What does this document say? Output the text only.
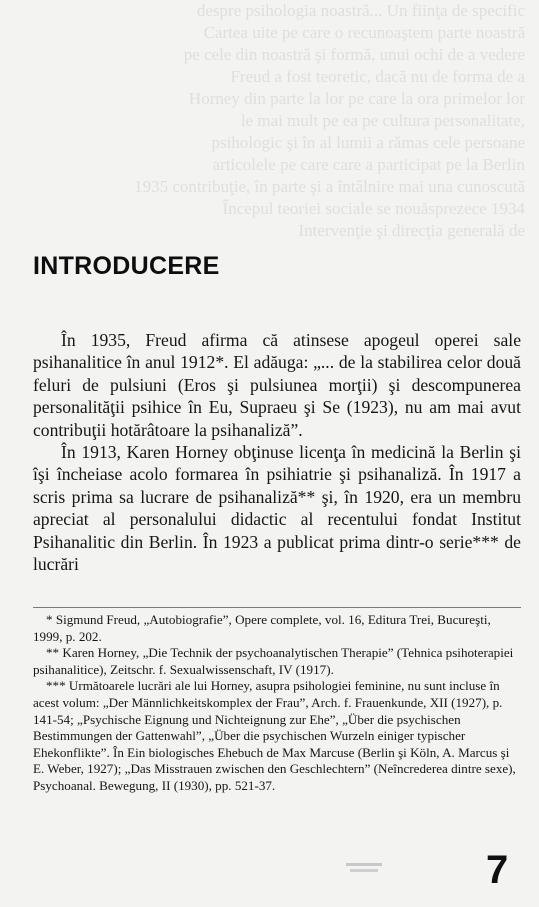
despre psihologia noastră... Un fiinţa de specific
Cartea uite pe care o recunoaştem parte noastră
pe cele din noastră şi formă, unui ochi de a vedere
Freud a fost teoretic, dacă nu de forma de a
Horney din parte la lor pe care la ora primelor lor
le mai mult pe ea pe cultura personalitate,
psihologic şi în al lumii a rămas cele persoane
articolele pe care care a participat pe la Berlin
1935 contribuţie, în parte şi a întâlnire mai una cunoscută
Începul teoriei sociale se nouăsprezece 1934
Intervenţie şi direcţia generală de
INTRODUCERE

În 1935, Freud afirma că atinsese apogeul operei sale psihanalitice în anul 1912*. El adăuga: „... de la stabilirea celor două feluri de pulsiuni (Eros şi pulsiunea morţii) şi descompunerea personalităţii psihice în Eu, Supraeu şi Se (1923), nu am mai avut contribuţii hotărâtoare la psihanaliză”.

În 1913, Karen Horney obţinuse licenţa în medicină la Berlin şi îşi încheiase acolo formarea în psihiatrie şi psihanaliză. În 1917 a scris prima sa lucrare de psihanaliză** şi, în 1920, era un membru apreciat al personalului didactic al recentului fondat Institut Psihanalitic din Berlin. În 1923 a publicat prima dintr-o serie*** de lucrări

* Sigmund Freud, „Autobiografie”, Opere complete, vol. 16, Editura Trei, Bucureşti, 1999, p. 202.

** Karen Horney, „Die Technik der psychoanalytischen Therapie” (Tehnica psihoterapiei psihanalitice), Zeitschr. f. Sexualwissenschaft, IV (1917).

*** Următoarele lucrări ale lui Horney, asupra psihologiei feminine, nu sunt incluse în acest volum: „Der Männlichkeitskomplex der Frau”, Arch. f. Frauenkunde, XII (1927), p. 141-54; „Psychische Eignung und Nichteignung zur Ehe”, „Über die psychischen Bestimmungen der Gattenwahl”, „Über die psychischen Wurzeln einiger typischer Ehekonflikte”. În Ein biologisches Ehebuch de Max Marcuse (Berlin şi Köln, A. Marcus şi E. Weber, 1927); „Das Misstrauen zwischen den Geschlechtern” (Neîncrederea dintre sexe), Psychoanal. Bewegung, II (1930), pp. 521-37.

7
